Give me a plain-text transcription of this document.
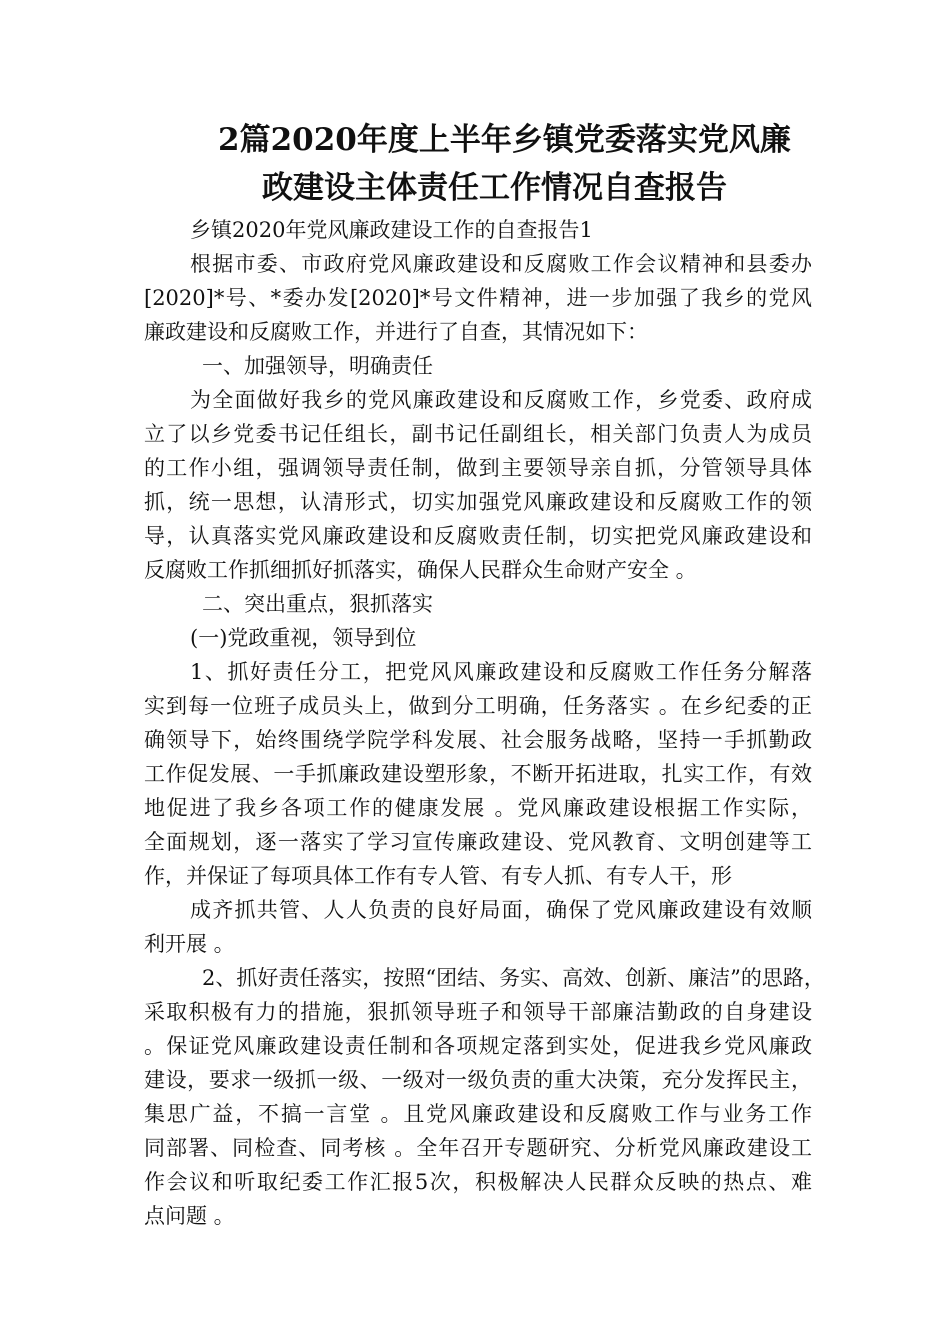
2篇2020年度上半年乡镇党委落实党风廉
政建设主体责任工作情况自查报告
乡镇2020年党风廉政建设工作的自查报告1
根据市委、市政府党风廉政建设和反腐败工作会议精神和县委办
[2020]*号、*委办发[2020]*号文件精神，进一步加强了我乡的党风
廉政建设和反腐败工作，并进行了自查，其情况如下：
一、加强领导，明确责任
为全面做好我乡的党风廉政建设和反腐败工作，乡党委、政府成
立了以乡党委书记任组长，副书记任副组长，相关部门负责人为成员
的工作小组，强调领导责任制，做到主要领导亲自抓，分管领导具体
抓，统一思想，认清形式，切实加强党风廉政建设和反腐败工作的领
导，认真落实党风廉政建设和反腐败责任制，切实把党风廉政建设和
反腐败工作抓细抓好抓落实，确保人民群众生命财产安全 。
二、突出重点，狠抓落实
(一)党政重视，领导到位
1、抓好责任分工，把党风风廉政建设和反腐败工作任务分解落
实到每一位班子成员头上，做到分工明确，任务落实 。在乡纪委的正
确领导下，始终围绕学院学科发展、社会服务战略，坚持一手抓勤政
工作促发展、一手抓廉政建设塑形象，不断开拓进取，扎实工作，有效
地促进了我乡各项工作的健康发展 。党风廉政建设根据工作实际，
全面规划，逐一落实了学习宣传廉政建设、党风教育、文明创建等工
作，并保证了每项具体工作有专人管、有专人抓、有专人干，形
成齐抓共管、人人负责的良好局面，确保了党风廉政建设有效顺
利开展 。
2、抓好责任落实，按照“团结、务实、高效、创新、廉洁”的思路，
采取积极有力的措施，狠抓领导班子和领导干部廉洁勤政的自身建设
。保证党风廉政建设责任制和各项规定落到实处，促进我乡党风廉政
建设，要求一级抓一级、一级对一级负责的重大决策，充分发挥民主，
集思广益，不搞一言堂 。且党风廉政建设和反腐败工作与业务工作
同部署、同检查、同考核 。全年召开专题研究、分析党风廉政建设工
作会议和听取纪委工作汇报5次，积极解决人民群众反映的热点、难
点问题 。
